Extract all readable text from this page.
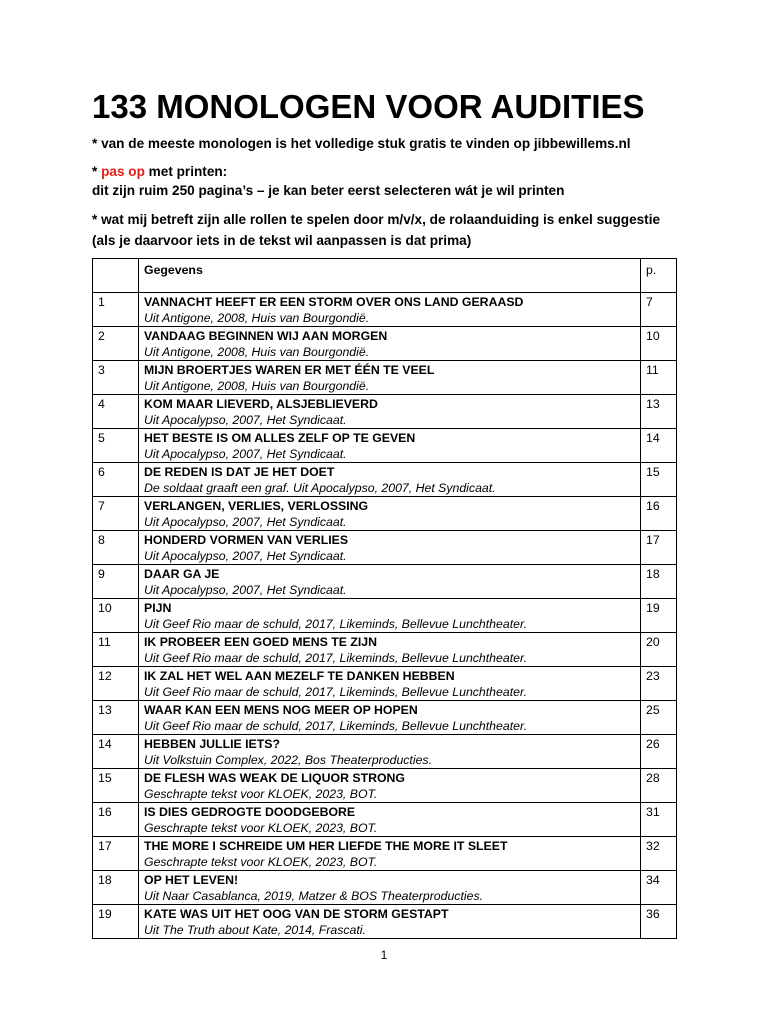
133 MONOLOGEN VOOR AUDITIES
* van de meeste monologen is het volledige stuk gratis te vinden op jibbewillems.nl
* pas op met printen:
dit zijn ruim 250 pagina’s – je kan beter eerst selecteren wát je wil printen
* wat mij betreft zijn alle rollen te spelen door m/v/x, de rolaanduiding is enkel suggestie
(als je daarvoor iets in de tekst wil aanpassen is dat prima)
	Gegevens	p.
1	VANNACHT HEEFT ER EEN STORM OVER ONS LAND GERAASD
Uit Antigone, 2008, Huis van Bourgondië.	7
2	VANDAAG BEGINNEN WIJ AAN MORGEN
Uit Antigone, 2008, Huis van Bourgondië.	10
3	MIJN BROERTJES WAREN ER MET ÉÉN TE VEEL
Uit Antigone, 2008, Huis van Bourgondië.	11
4	KOM MAAR LIEVERD, ALSJEBLIEVERD
Uit Apocalypso, 2007, Het Syndicaat.	13
5	HET BESTE IS OM ALLES ZELF OP TE GEVEN
Uit Apocalypso, 2007, Het Syndicaat.	14
6	DE REDEN IS DAT JE HET DOET
De soldaat graaft een graf. Uit Apocalypso, 2007, Het Syndicaat.	15
7	VERLANGEN, VERLIES, VERLOSSING
Uit Apocalypso, 2007, Het Syndicaat.	16
8	HONDERD VORMEN VAN VERLIES
Uit Apocalypso, 2007, Het Syndicaat.	17
9	DAAR GA JE
Uit Apocalypso, 2007, Het Syndicaat.	18
10	PIJN
Uit Geef Rio maar de schuld, 2017, Likeminds, Bellevue Lunchtheater.	19
11	IK PROBEER EEN GOED MENS TE ZIJN
Uit Geef Rio maar de schuld, 2017, Likeminds, Bellevue Lunchtheater.	20
12	IK ZAL HET WEL AAN MEZELF TE DANKEN HEBBEN
Uit Geef Rio maar de schuld, 2017, Likeminds, Bellevue Lunchtheater.	23
13	WAAR KAN EEN MENS NOG MEER OP HOPEN
Uit Geef Rio maar de schuld, 2017, Likeminds, Bellevue Lunchtheater.	25
14	HEBBEN JULLIE IETS?
Uit Volkstuin Complex, 2022, Bos Theaterproducties.	26
15	DE FLESH WAS WEAK DE LIQUOR STRONG
Geschrapte tekst voor KLOEK, 2023, BOT.	28
16	IS DIES GEDROGTE DOODGEBORE
Geschrapte tekst voor KLOEK, 2023, BOT.	31
17	THE MORE I SCHREIDE UM HER LIEFDE THE MORE IT SLEET
Geschrapte tekst voor KLOEK, 2023, BOT.	32
18	OP HET LEVEN!
Uit Naar Casablanca, 2019, Matzer & BOS Theaterproducties.	34
19	KATE WAS UIT HET OOG VAN DE STORM GESTAPT
Uit The Truth about Kate, 2014, Frascati.	36
1
